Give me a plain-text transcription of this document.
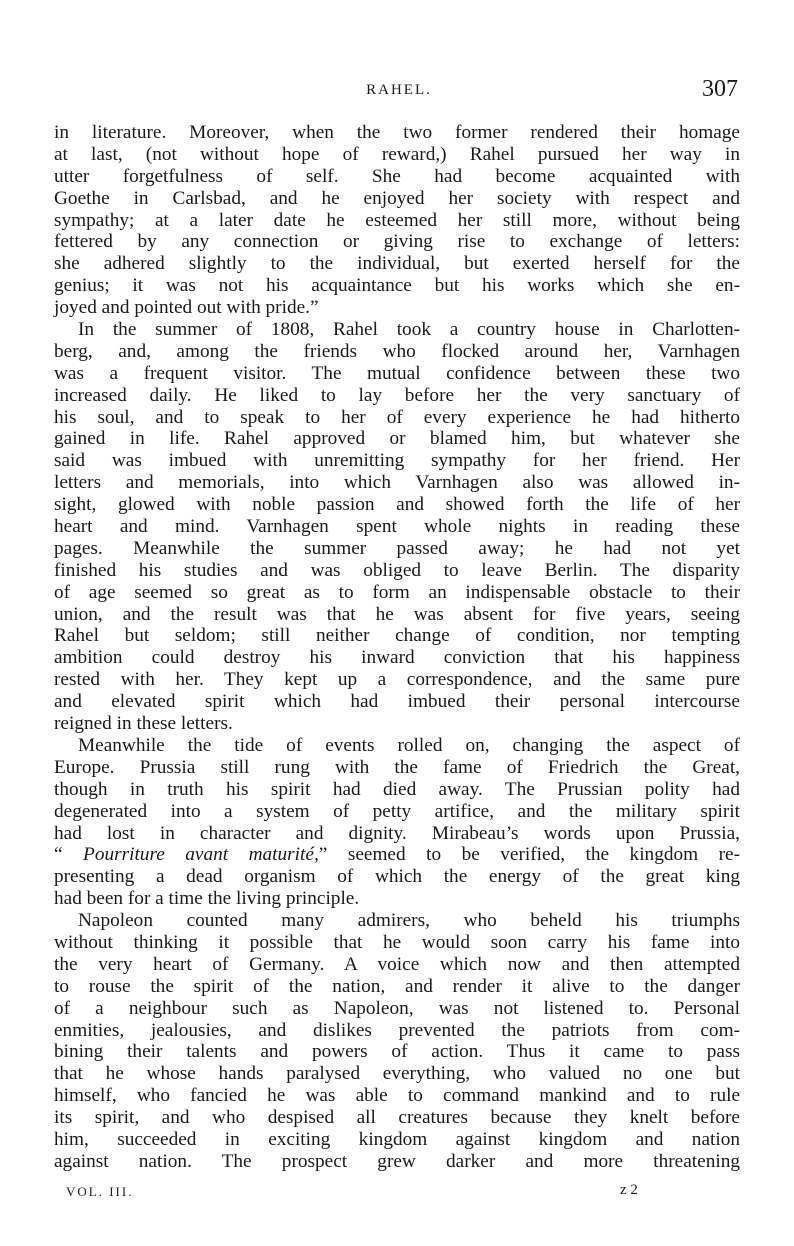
RAHEL.	307
in literature. Moreover, when the two former rendered their homage
at last, (not without hope of reward,) Rahel pursued her way in
utter forgetfulness of self. She had become acquainted with
Goethe in Carlsbad, and he enjoyed her society with respect and
sympathy; at a later date he esteemed her still more, without being
fettered by any connection or giving rise to exchange of letters:
she adhered slightly to the individual, but exerted herself for the
genius; it was not his acquaintance but his works which she en-
joyed and pointed out with pride.”
In the summer of 1808, Rahel took a country house in Charlotten-
berg, and, among the friends who flocked around her, Varnhagen
was a frequent visitor. The mutual confidence between these two
increased daily. He liked to lay before her the very sanctuary of
his soul, and to speak to her of every experience he had hitherto
gained in life. Rahel approved or blamed him, but whatever she
said was imbued with unremitting sympathy for her friend. Her
letters and memorials, into which Varnhagen also was allowed in-
sight, glowed with noble passion and showed forth the life of her
heart and mind. Varnhagen spent whole nights in reading these
pages. Meanwhile the summer passed away; he had not yet
finished his studies and was obliged to leave Berlin. The disparity
of age seemed so great as to form an indispensable obstacle to their
union, and the result was that he was absent for five years, seeing
Rahel but seldom; still neither change of condition, nor tempting
ambition could destroy his inward conviction that his happiness
rested with her. They kept up a correspondence, and the same pure
and elevated spirit which had imbued their personal intercourse
reigned in these letters.
Meanwhile the tide of events rolled on, changing the aspect of
Europe. Prussia still rung with the fame of Friedrich the Great,
though in truth his spirit had died away. The Prussian polity had
degenerated into a system of petty artifice, and the military spirit
had lost in character and dignity. Mirabeau’s words upon Prussia,
“ Pourriture avant maturité,” seemed to be verified, the kingdom re-
presenting a dead organism of which the energy of the great king
had been for a time the living principle.
Napoleon counted many admirers, who beheld his triumphs
without thinking it possible that he would soon carry his fame into
the very heart of Germany. A voice which now and then attempted
to rouse the spirit of the nation, and render it alive to the danger
of a neighbour such as Napoleon, was not listened to. Personal
enmities, jealousies, and dislikes prevented the patriots from com-
bining their talents and powers of action. Thus it came to pass
that he whose hands paralysed everything, who valued no one but
himself, who fancied he was able to command mankind and to rule
its spirit, and who despised all creatures because they knelt before
him, succeeded in exciting kingdom against kingdom and nation
against nation. The prospect grew darker and more threatening
VOL. III.	z 2
